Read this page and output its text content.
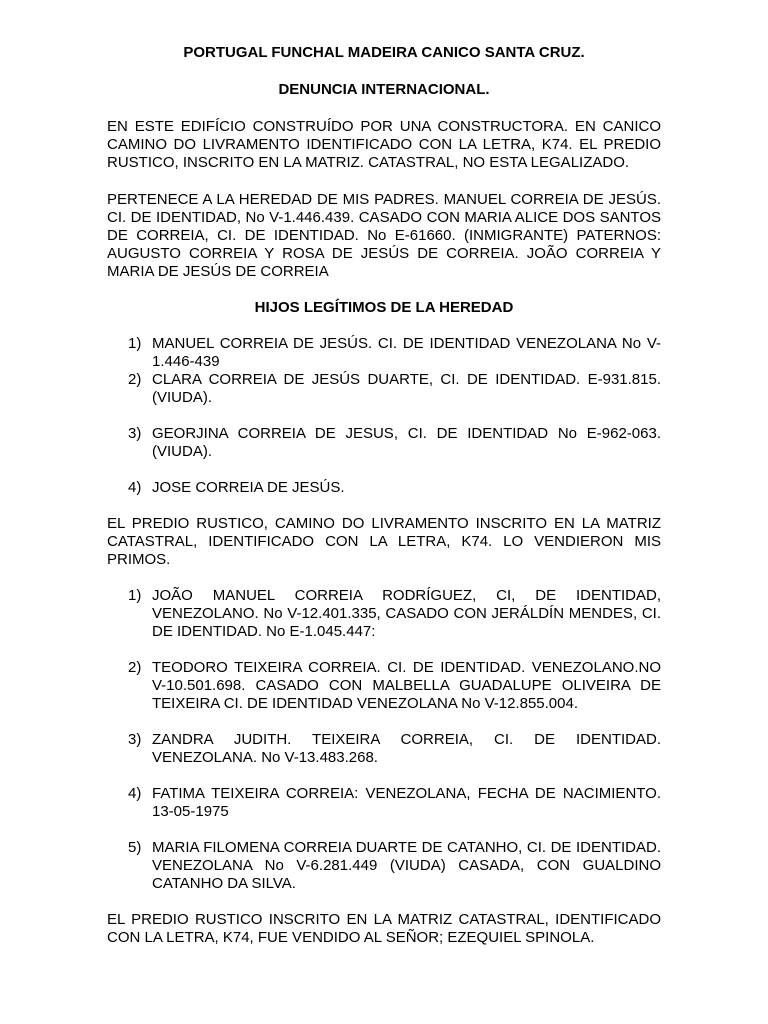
PORTUGAL FUNCHAL MADEIRA CANICO SANTA CRUZ.

DENUNCIA INTERNACIONAL.

EN ESTE EDIFÍCIO CONSTRUÍDO POR UNA CONSTRUCTORA. EN CANICO CAMINO DO LIVRAMENTO IDENTIFICADO CON LA LETRA, K74. EL PREDIO RUSTICO, INSCRITO EN LA MATRIZ. CATASTRAL, NO ESTA LEGALIZADO.

PERTENECE A LA HEREDAD DE MIS PADRES. MANUEL CORREIA DE JESÚS. CI. DE IDENTIDAD, No V-1.446.439. CASADO CON MARIA ALICE DOS SANTOS DE CORREIA, CI. DE IDENTIDAD. No E-61660. (INMIGRANTE) PATERNOS: AUGUSTO CORREIA Y ROSA DE JESÚS DE CORREIA. JOÃO CORREIA Y MARIA DE JESÚS DE CORREIA

HIJOS LEGÍTIMOS DE LA HEREDAD

1) MANUEL CORREIA DE JESÚS. CI. DE IDENTIDAD VENEZOLANA No V-1.446-439
2) CLARA CORREIA DE JESÚS DUARTE, CI. DE IDENTIDAD. E-931.815. (VIUDA).
3) GEORJINA CORREIA DE JESUS, CI. DE IDENTIDAD No E-962-063. (VIUDA).
4) JOSE CORREIA DE JESÚS.

EL PREDIO RUSTICO, CAMINO DO LIVRAMENTO INSCRITO EN LA MATRIZ CATASTRAL, IDENTIFICADO CON LA LETRA, K74. LO VENDIERON MIS PRIMOS.

1) JOÃO MANUEL CORREIA RODRÍGUEZ, CI, DE IDENTIDAD, VENEZOLANO. No V-12.401.335, CASADO CON JERÁLDÍN MENDES, CI. DE IDENTIDAD. No E-1.045.447:
2) TEODORO TEIXEIRA CORREIA. CI. DE IDENTIDAD. VENEZOLANO.NO V-10.501.698. CASADO CON MALBELLA GUADALUPE OLIVEIRA DE TEIXEIRA CI. DE IDENTIDAD VENEZOLANA No V-12.855.004.
3) ZANDRA JUDITH. TEIXEIRA CORREIA, CI. DE IDENTIDAD. VENEZOLANA. No V-13.483.268.
4) FATIMA TEIXEIRA CORREIA: VENEZOLANA, FECHA DE NACIMIENTO. 13-05-1975
5) MARIA FILOMENA CORREIA DUARTE DE CATANHO, CI. DE IDENTIDAD. VENEZOLANA No V-6.281.449 (VIUDA) CASADA, CON GUALDINO CATANHO DA SILVA.

EL PREDIO RUSTICO INSCRITO EN LA MATRIZ CATASTRAL, IDENTIFICADO CON LA LETRA, K74, FUE VENDIDO AL SEÑOR; EZEQUIEL SPINOLA.
